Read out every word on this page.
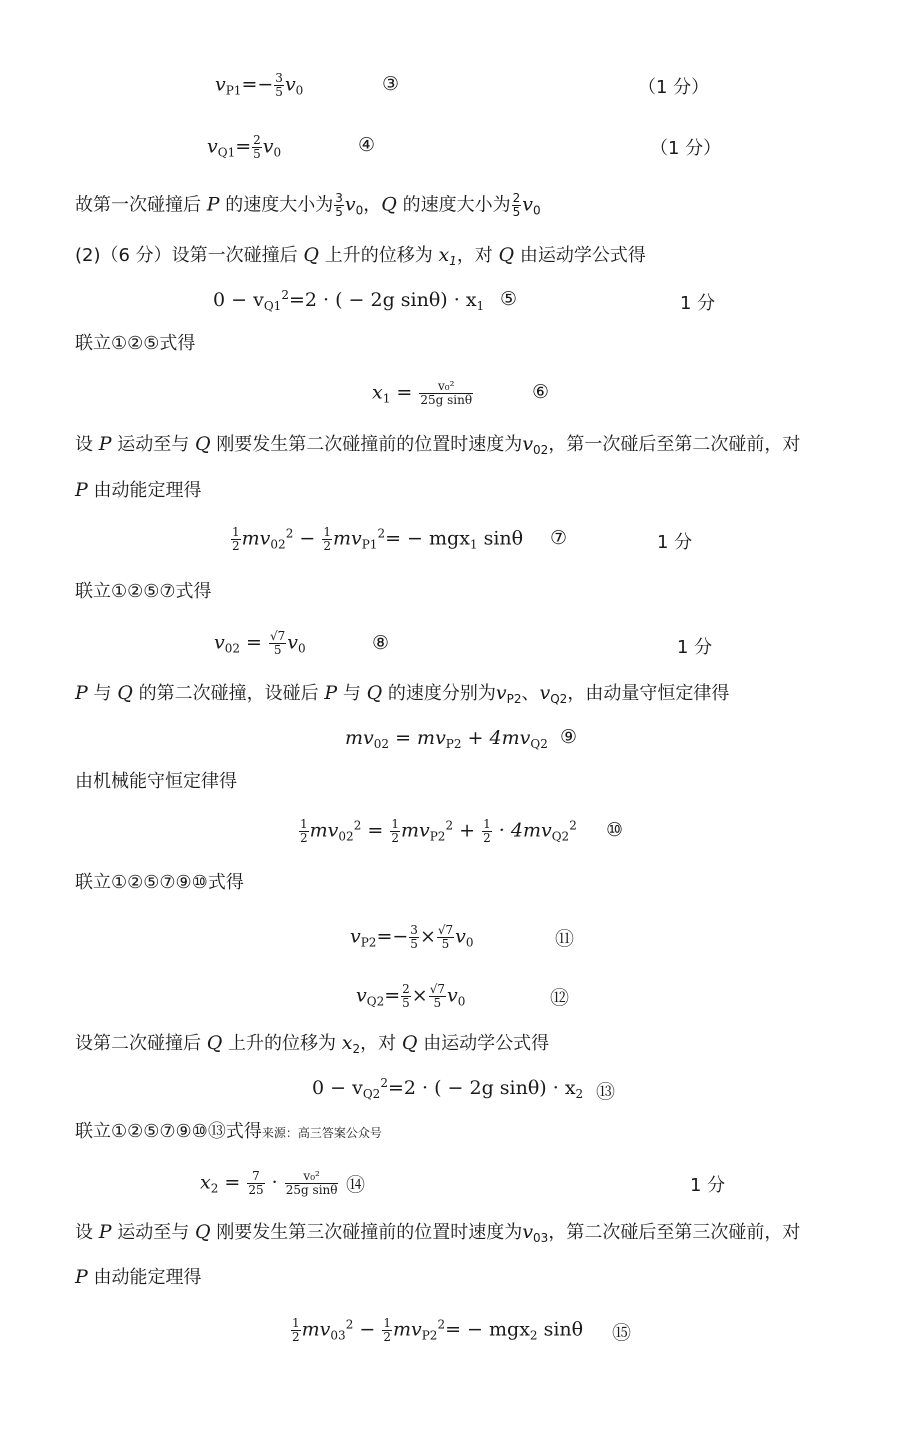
$v_{P1}=- \frac{3}{5} v_0$	③	（1 分）
$v_{Q1}= \frac{2}{5} v_0$	④	（1 分）
故第一次碰撞后 P 的速度大小为 $\frac{3}{5} v_0$，Q 的速度大小为 $\frac{2}{5} v_0$
(2)（6 分）设第一次碰撞后 Q 上升的位移为 $x_1$，对 Q 由运动学公式得
$0 - v_{Q1}^2=2$ · ( − 2g $\sin\theta) \cdot x_1$ ⑤	1 分
联立①②⑤式得
$x_1 = \frac{\text{v₀²}}{\text{25g sinθ}}$	⑥
设 P 运动至与 Q 刚要发生第二次碰撞前的位置时速度为$v_{02}$，第一次碰后至第二次碰前，对
P 由动能定理得
$\frac{1}{2} mv_{02}^2 - \frac{1}{2} mv_{P1}^2= - mgx_1$ sinθ ⑦	1 分
联立①②⑤⑦式得
$v_{02} = \frac{√7}{5} v_0$	⑧	1 分
P 与 Q 的第二次碰撞，设碰后 P 与 Q 的速度分别为$v_{P2}$、$v_{Q2}$，由动量守恒定律得
$mv_{02} = mv_{P2} + 4mv_{Q2}$ ⑨
由机械能守恒定律得
$\frac{1}{2} mv_{02}^2 = \frac{1}{2} mv_{P2}^2 + \frac{1}{2} \cdot 4mv_{Q2}^2$ ⑩
联立①②⑤⑦⑨⑩式得
$v_{P2}=- \frac{3}{5} \times \frac{√7}{5} v_0$	⑪
$v_{Q2}= \frac{2}{5} \times \frac{√7}{5} v_0$	⑫
设第二次碰撞后 Q 上升的位移为 $x_2$，对 Q 由运动学公式得
$0 - v_{Q2}^2=2$ · ( − 2g $\sin\theta) \cdot x_2$ ⑬
联立①②⑤⑦⑨⑩⑬式得来源：高三答案公众号
$x_2 = \frac{7}{25} \cdot \frac{\text{v₀²}}{\text{25g sinθ}}$ ⑭	1 分
设 P 运动至与 Q 刚要发生第三次碰撞前的位置时速度为$v_{03}$，第二次碰后至第三次碰前，对
P 由动能定理得
$\frac{1}{2} mv_{03}^2 - \frac{1}{2} mv_{P2}^2= - mgx_2$ sinθ ⑮
